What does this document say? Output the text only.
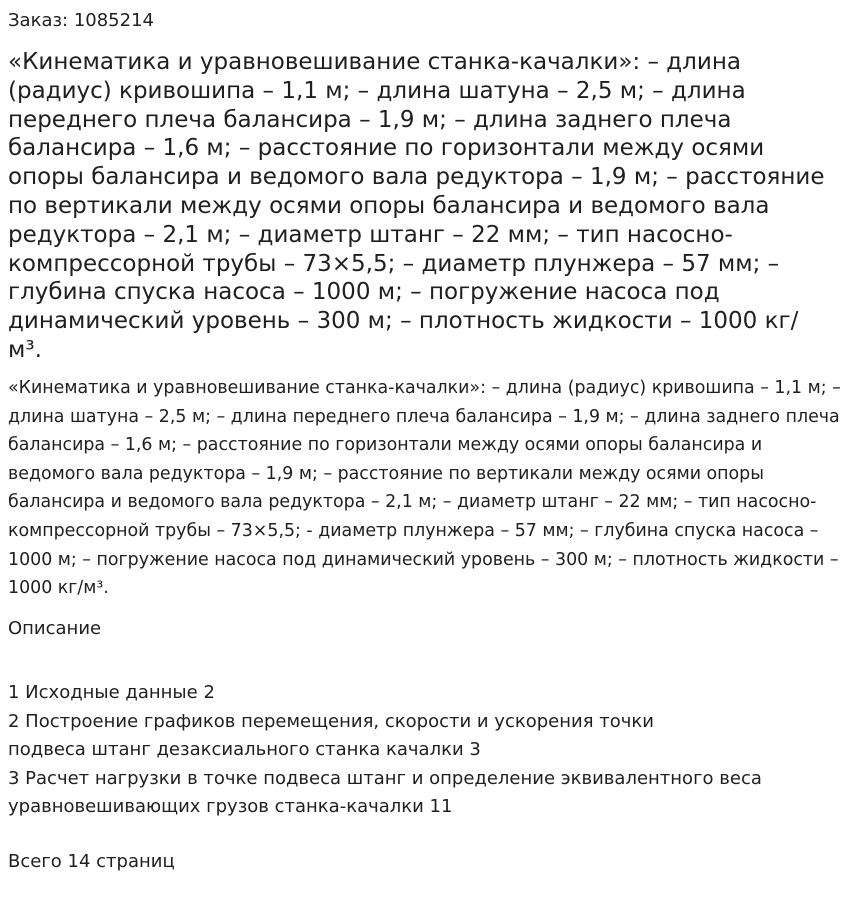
Заказ: 1085214
«Кинематика и уравновешивание станка-качалки»: – длина (радиус) кривошипа – 1,1 м; – длина шатуна – 2,5 м; – длина переднего плеча балансира – 1,9 м; – длина заднего плеча балансира – 1,6 м; – расстояние по горизонтали между осями опоры балансира и ведомого вала редуктора – 1,9 м; – расстояние по вертикали между осями опоры балансира и ведомого вала редуктора – 2,1 м; – диаметр штанг – 22 мм; – тип насосно-компрессорной трубы – 73×5,5; – диаметр плунжера – 57 мм; – глубина спуска насоса – 1000 м; – погружение насоса под динамический уровень – 300 м; – плотность жидкости – 1000 кг/м³.

«Кинематика и уравновешивание станка-качалки»: – длина (радиус) кривошипа – 1,1 м; – длина шатуна – 2,5 м; – длина переднего плеча балансира – 1,9 м; – длина заднего плеча балансира – 1,6 м; – расстояние по горизонтали между осями опоры балансира и ведомого вала редуктора – 1,9 м; – расстояние по вертикали между осями опоры балансира и ведомого вала редуктора – 2,1 м; – диаметр штанг – 22 мм; – тип насосно-компрессорной трубы – 73×5,5; - диаметр плунжера – 57 мм; – глубина спуска насоса – 1000 м; – погружение насоса под динамический уровень – 300 м; – плотность жидкости – 1000 кг/м³.

Описание
1 Исходные данные 2
2 Построение графиков перемещения, скорости и ускорения точки
подвеса штанг дезаксиального станка качалки 3
3 Расчет нагрузки в точке подвеса штанг и определение эквивалентного веса
уравновешивающих грузов станка-качалки 11

Всего 14 страниц
